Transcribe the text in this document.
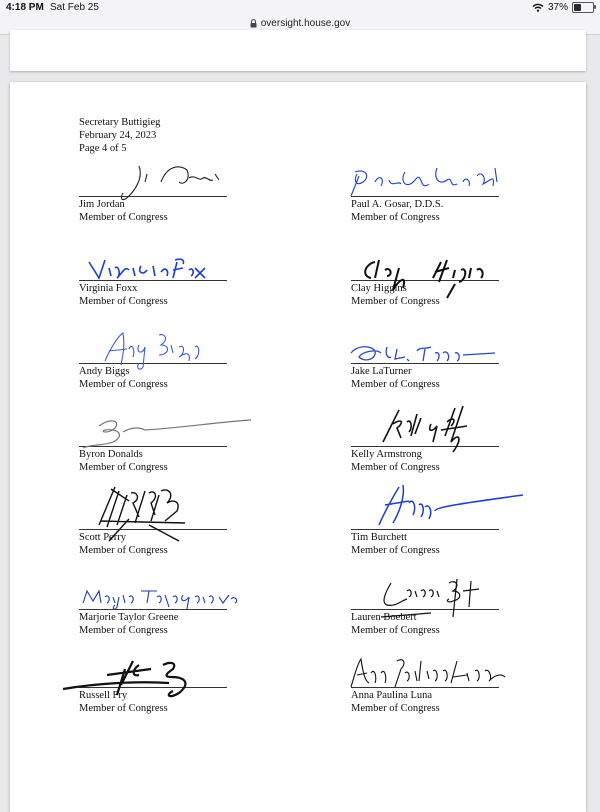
4:18 PM Sat Feb 25	37%
oversight.house.gov
Secretary Buttigieg
February 24, 2023
Page 4 of 5
Jim Jordan
Member of Congress
Paul A. Gosar, D.D.S.
Member of Congress
Virginia Foxx
Member of Congress
Clay Higgins
Member of Congress
Andy Biggs
Member of Congress
Jake LaTurner
Member of Congress
Byron Donalds
Member of Congress
Kelly Armstrong
Member of Congress
Scott Perry
Member of Congress
Tim Burchett
Member of Congress
Marjorie Taylor Greene
Member of Congress
Lauren Boebert
Member of Congress
Russell Fry
Member of Congress
Anna Paulina Luna
Member of Congress
